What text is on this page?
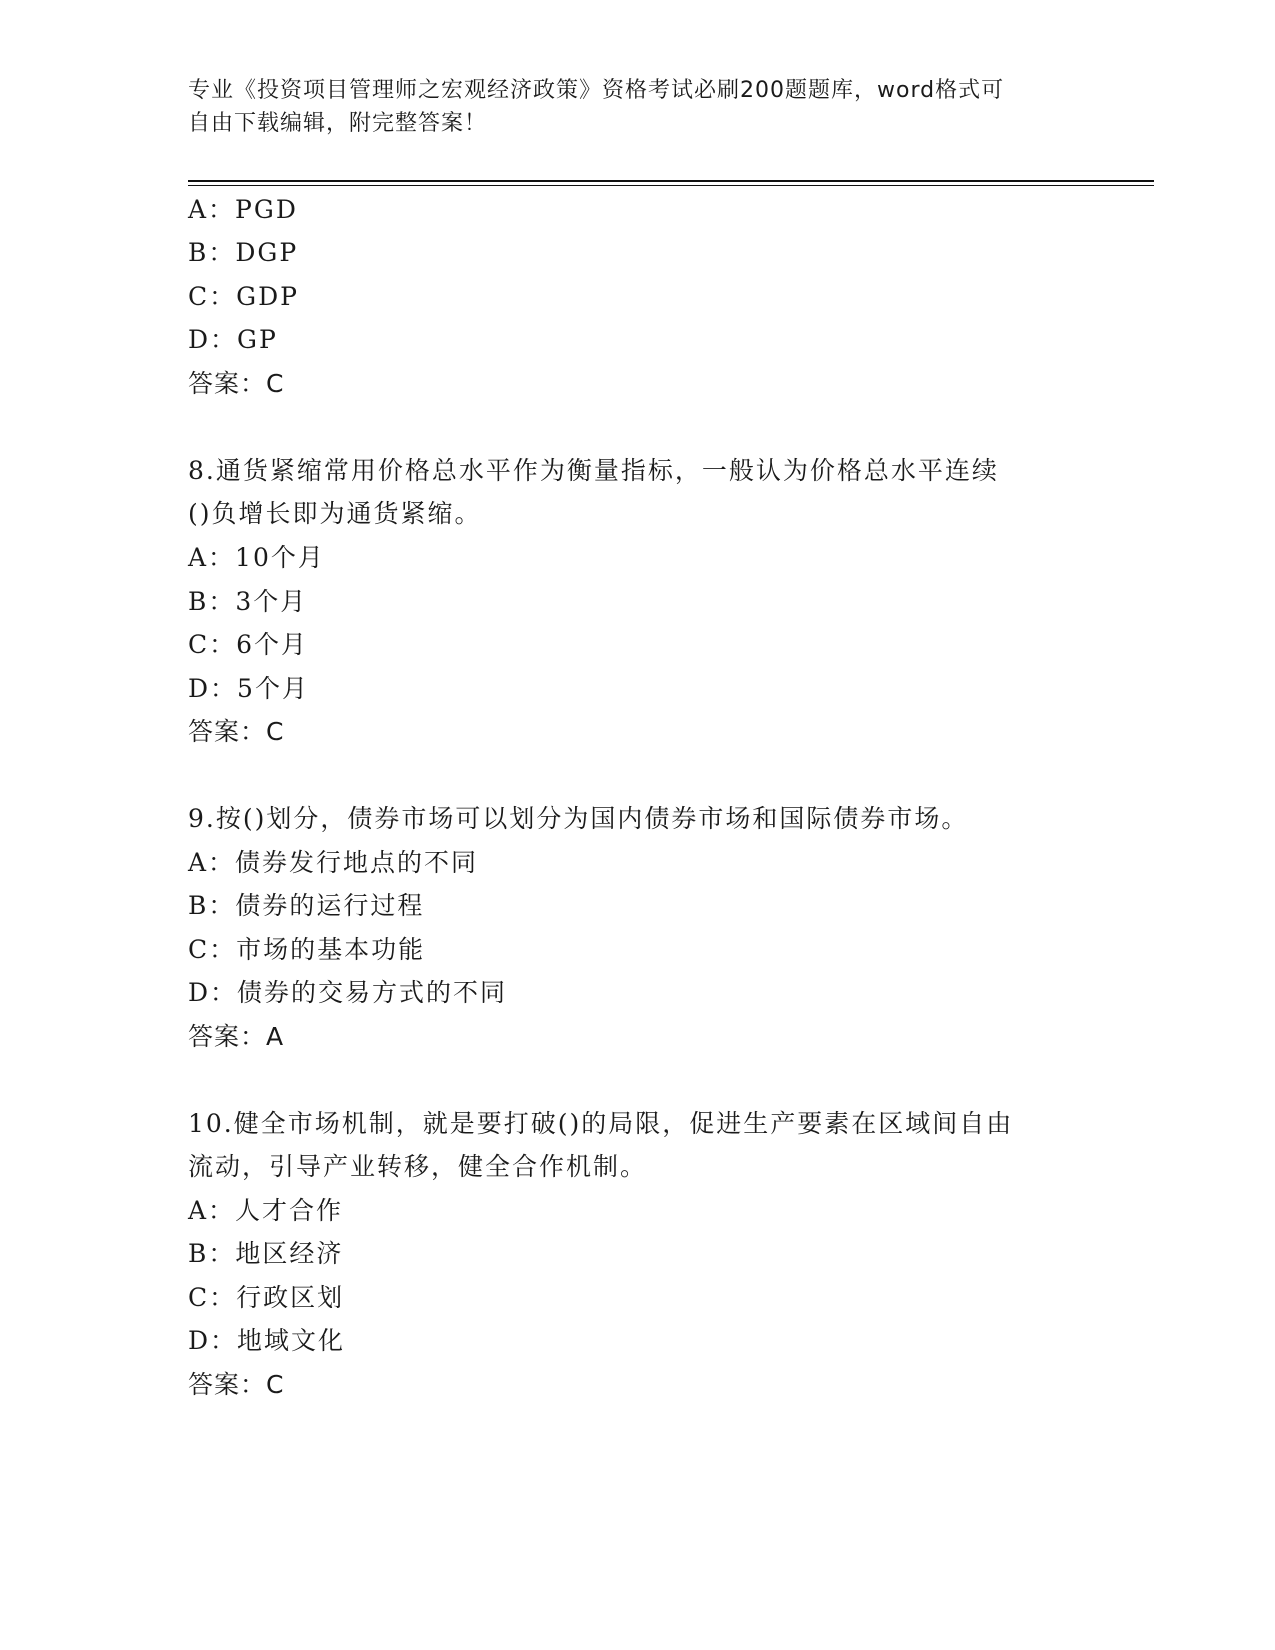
专业《投资项目管理师之宏观经济政策》资格考试必刷200题题库，word格式可
自由下载编辑，附完整答案！
A：PGD
B：DGP
C：GDP
D：GP
答案：C
8.通货紧缩常用价格总水平作为衡量指标，一般认为价格总水平连续
()负增长即为通货紧缩。
A：10个月
B：3个月
C：6个月
D：5个月
答案：C
9.按()划分，债券市场可以划分为国内债券市场和国际债券市场。
A：债券发行地点的不同
B：债券的运行过程
C：市场的基本功能
D：债券的交易方式的不同
答案：A
10.健全市场机制，就是要打破()的局限，促进生产要素在区域间自由
流动，引导产业转移，健全合作机制。
A：人才合作
B：地区经济
C：行政区划
D：地域文化
答案：C
